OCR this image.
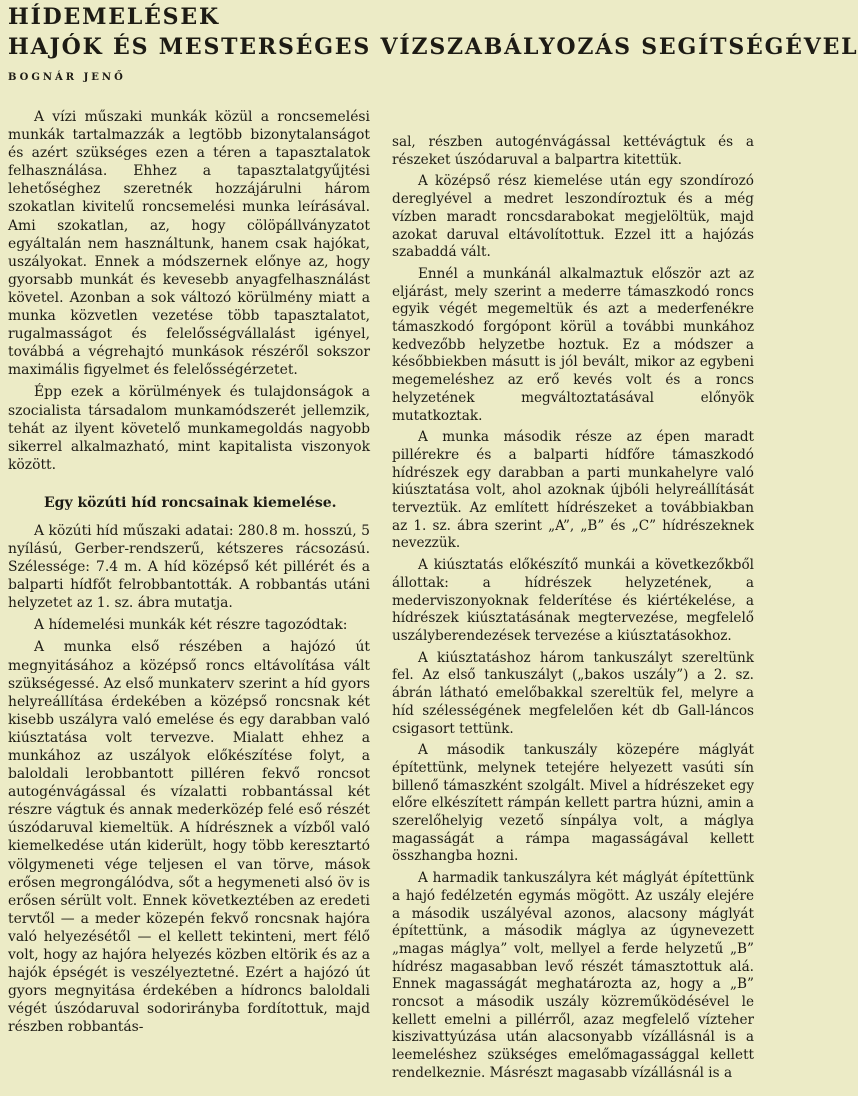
HÍDEMELÉSEK
HAJÓK ÉS MESTERSÉGES VÍZSZABÁLYOZÁS SEGÍTSÉGÉVEL
BOGNÁR JENŐ

A vízi műszaki munkák közül a roncsemelési munkák tartalmazzák a legtöbb bizonytalanságot és azért szükséges ezen a téren a tapasztalatok felhasználása. Ehhez a tapasztalatgyűjtési lehetőséghez szeretnék hozzájárulni három szokatlan kivitelű roncsemelési munka leírásával. Ami szokatlan, az, hogy cölöpállványzatot egyáltalán nem használtunk, hanem csak hajókat, uszályokat. Ennek a módszernek előnye az, hogy gyorsabb munkát és kevesebb anyagfelhasználást követel. Azonban a sok változó körülmény miatt a munka közvetlen vezetése több tapasztalatot, rugalmasságot és felelősségvállalást igényel, továbbá a végrehajtó munkások részéről sokszor maximális figyelmet és felelősségérzetet.

Épp ezek a körülmények és tulajdonságok a szocialista társadalom munkamódszerét jellemzik, tehát az ilyent követelő munkamegoldás nagyobb sikerrel alkalmazható, mint kapitalista viszonyok között.

Egy közúti híd roncsainak kiemelése.

A közúti híd műszaki adatai: 280.8 m. hosszú, 5 nyílású, Gerber-rendszerű, kétszeres rácsozású. Szélessége: 7.4 m. A híd középső két pillérét és a balparti hídfőt felrobbantották. A robbantás utáni helyzetet az 1. sz. ábra mutatja.

A hídemelési munkák két részre tagozódtak:

A munka első részében a hajózó út megnyitásához a középső roncs eltávolítása vált szükségessé. Az első munkaterv szerint a híd gyors helyreállítása érdekében a középső roncsnak két kisebb uszályra való emelése és egy darabban való kiúsztatása volt tervezve. Mialatt ehhez a munkához az uszályok előkészítése folyt, a baloldali lerobbantott pilléren fekvő roncsot autogénvágással és vízalatti robbantással két részre vágtuk és annak mederközép felé eső részét úszódaruval kiemeltük. A hídrésznek a vízből való kiemelkedése után kiderült, hogy több keresztartó völgymeneti vége teljesen el van törve, mások erősen megrongálódva, sőt a hegymeneti alsó öv is erősen sérült volt. Ennek következtében az eredeti tervtől — a meder közepén fekvő roncsnak hajóra való helyezésétől — el kellett tekinteni, mert félő volt, hogy az hajóra helyezés közben eltörik és az a hajók épségét is veszélyeztetné. Ezért a hajózó út gyors megnyitása érdekében a hídroncs baloldali végét úszódaruval sodorirányba fordítottuk, majd részben robbantás-

sal, részben autogénvágással kettévágtuk és a részeket úszódaruval a balpartra kitettük.

A középső rész kiemelése után egy szondírozó dereglyével a medret leszondíroztuk és a még vízben maradt roncsdarabokat megjelöltük, majd azokat daruval eltávolítottuk. Ezzel itt a hajózás szabaddá vált.

Ennél a munkánál alkalmaztuk először azt az eljárást, mely szerint a mederre támaszkodó roncs egyik végét megemeltük és azt a mederfenékre támaszkodó forgópont körül a további munkához kedvezőbb helyzetbe hoztuk. Ez a módszer a későbbiekben másutt is jól bevált, mikor az egybeni megemeléshez az erő kevés volt és a roncs helyzetének megváltoztatásával előnyök mutatkoztak.

A munka második része az épen maradt pillérekre és a balparti hídfőre támaszkodó hídrészek egy darabban a parti munkahelyre való kiúsztatása volt, ahol azoknak újbóli helyreállítását terveztük. Az említett hídrészeket a továbbiakban az 1. sz. ábra szerint „A”, „B” és „C” hídrészeknek nevezzük.

A kiúsztatás előkészítő munkái a következőkből állottak: a hídrészek helyzetének, a mederviszonyoknak felderítése és kiértékelése, a hídrészek kiúsztatásának megtervezése, megfelelő uszályberendezések tervezése a kiúsztatásokhoz.

A kiúsztatáshoz három tankuszályt szereltünk fel. Az első tankuszályt („bakos uszály”) a 2. sz. ábrán látható emelőbakkal szereltük fel, melyre a híd szélességének megfelelően két db Gall-láncos csigasort tettünk.

A második tankuszály közepére máglyát építettünk, melynek tetejére helyezett vasúti sín billenő támaszként szolgált. Mivel a hídrészeket egy előre elkészített rámpán kellett partra húzni, amin a szerelőhelyig vezető sínpálya volt, a máglya magasságát a rámpa magasságával kellett összhangba hozni.

A harmadik tankuszályra két máglyát építettünk a hajó fedélzetén egymás mögött. Az uszály elejére a második uszályéval azonos, alacsony máglyát építettünk, a második máglya az úgynevezett „magas máglya” volt, mellyel a ferde helyzetű „B” hídrész magasabban levő részét támasztottuk alá. Ennek magasságát meghatározta az, hogy a „B” roncsot a második uszály közreműködésével le kellett emelni a pillérről, azaz megfelelő vízteher kiszivattyúzása után alacsonyabb vízállásnál is a leemeléshez szükséges emelőmagassággal kellett rendelkeznie. Másrészt magasabb vízállásnál is a
